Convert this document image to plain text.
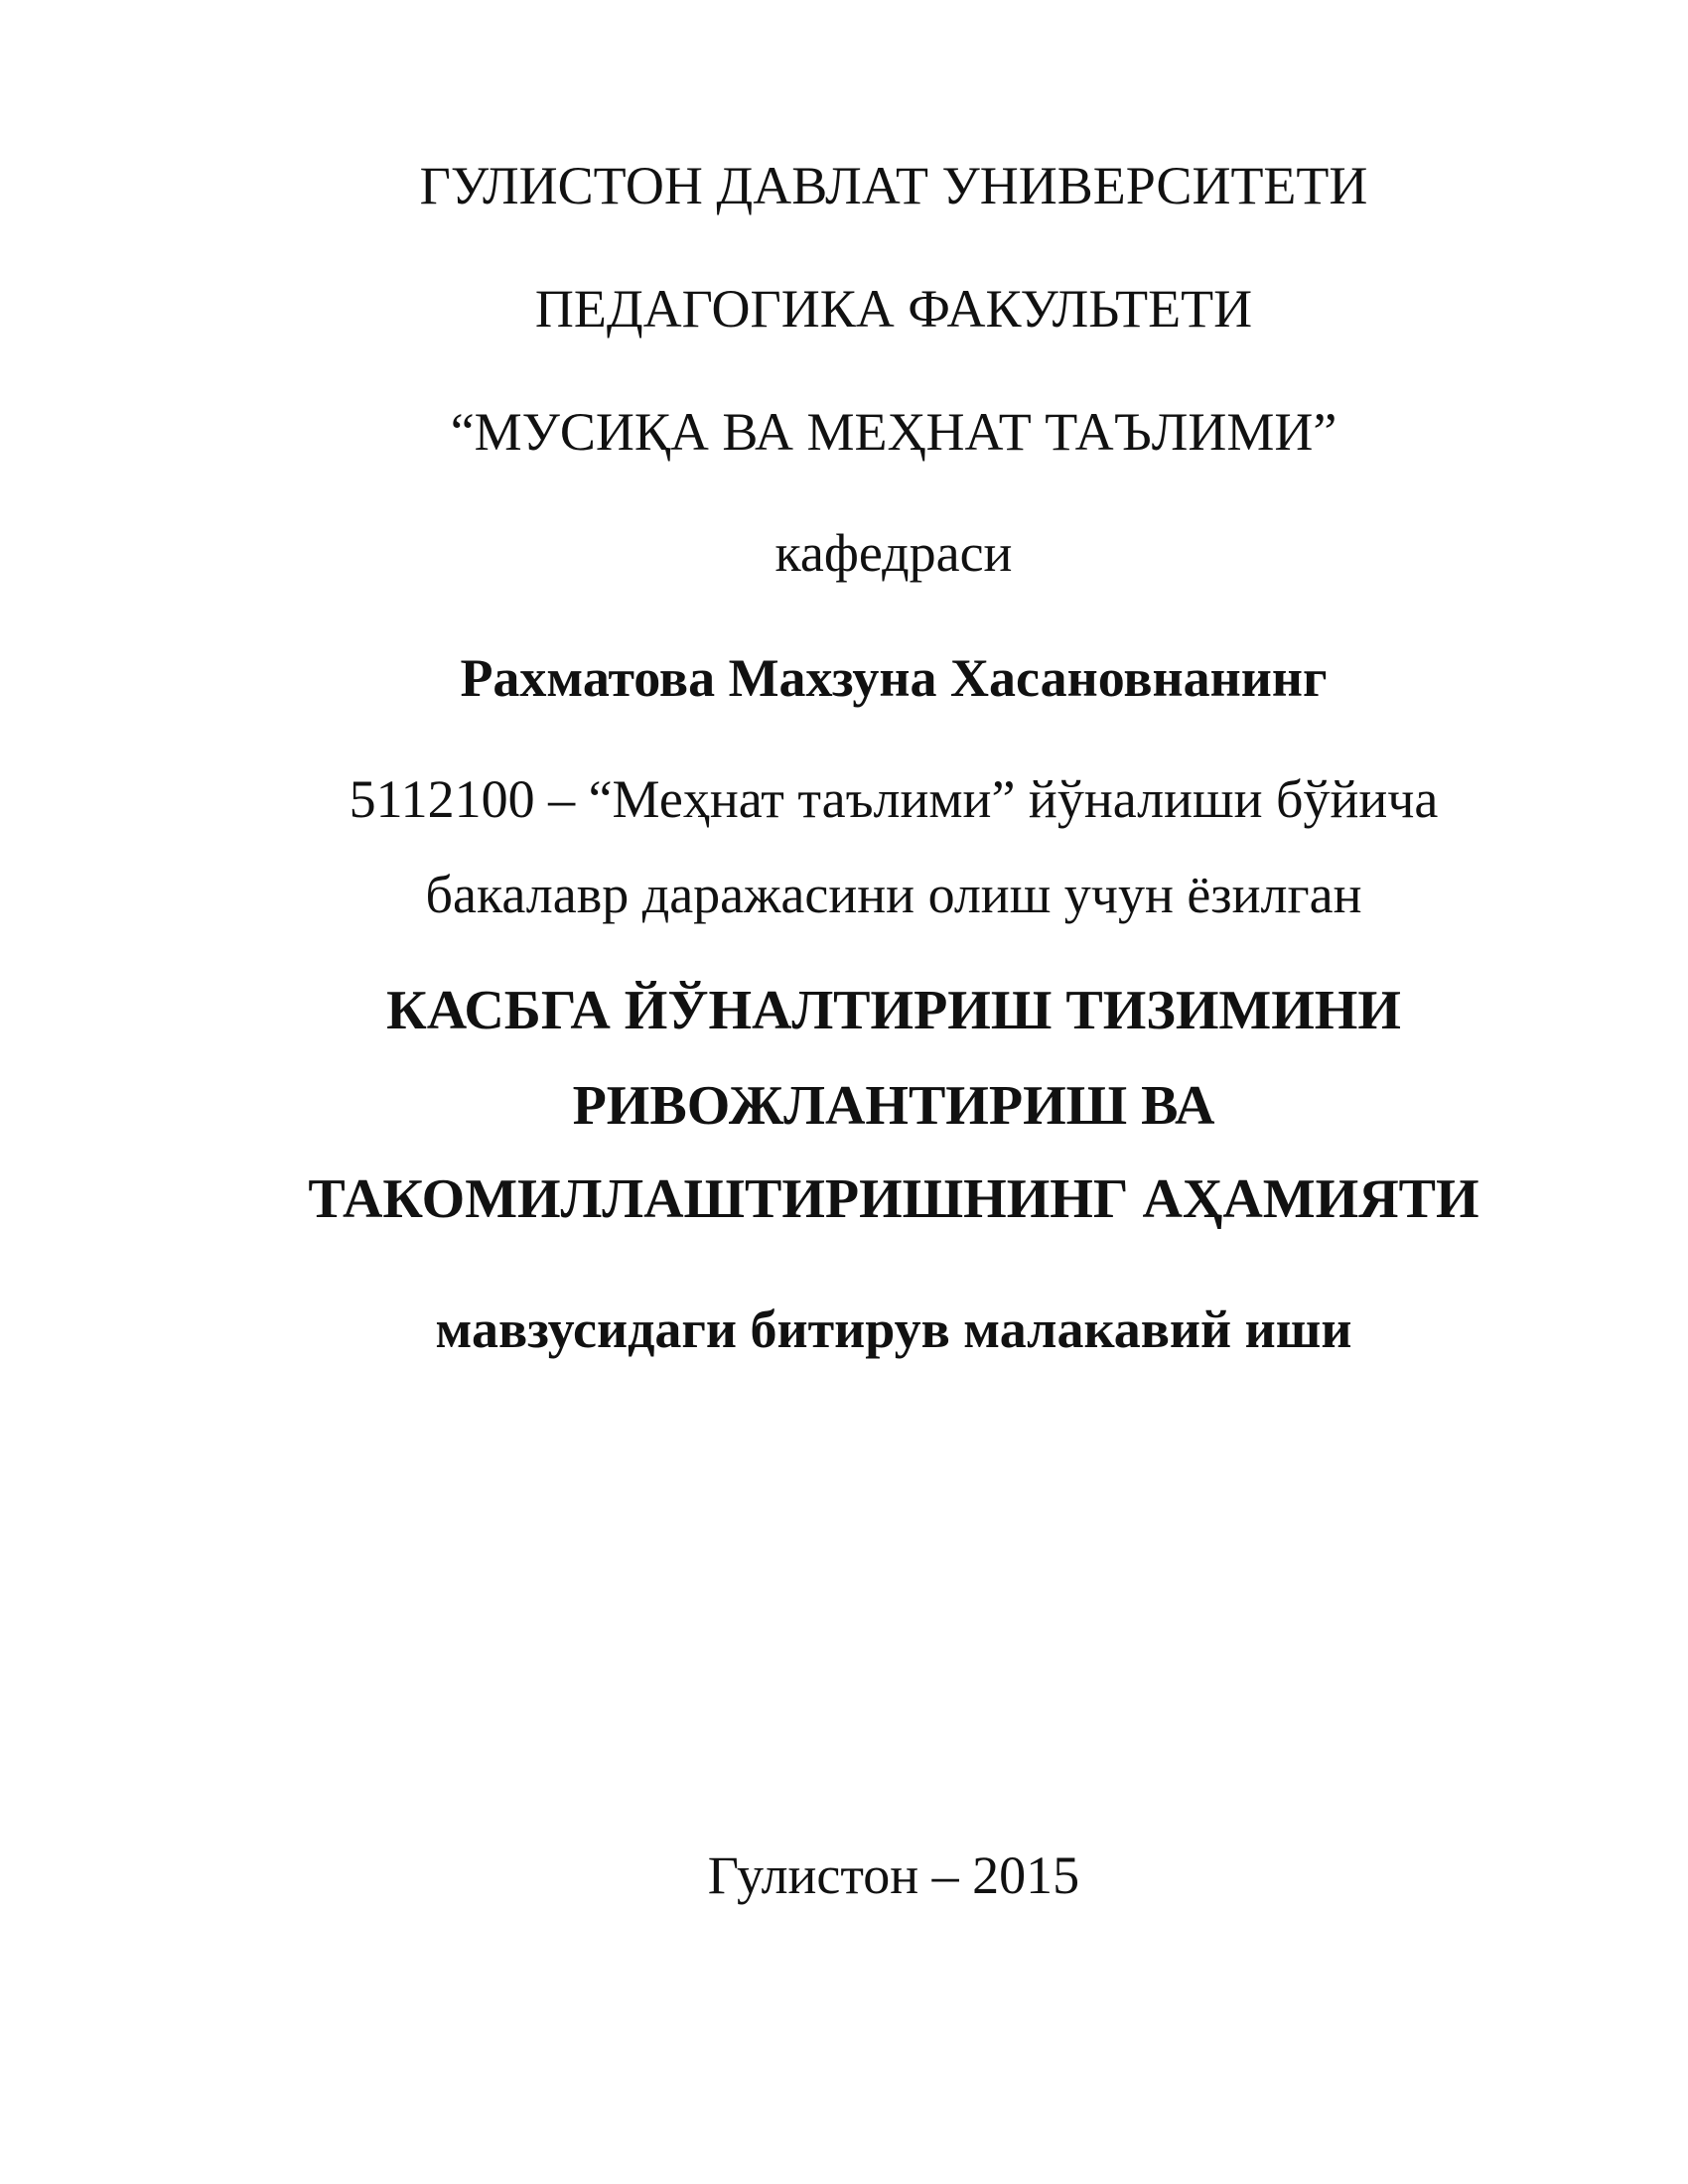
ГУЛИСТОН ДАВЛАТ УНИВЕРСИТЕТИ
ПЕДАГОГИКА ФАКУЛЬТЕТИ
“МУСИҚА ВА МЕҲНАТ ТАЪЛИМИ”
кафедраси
Рахматова Махзуна Хасановнанинг
5112100 – “Меҳнат таълими” йўналиши бўйича
бакалавр даражасини олиш учун ёзилган
КАСБГА ЙЎНАЛТИРИШ ТИЗИМИНИ
РИВОЖЛАНТИРИШ ВА
ТАКОМИЛЛАШТИРИШНИНГ АҲАМИЯТИ
мавзусидаги битирув малакавий иши
Гулистон – 2015
